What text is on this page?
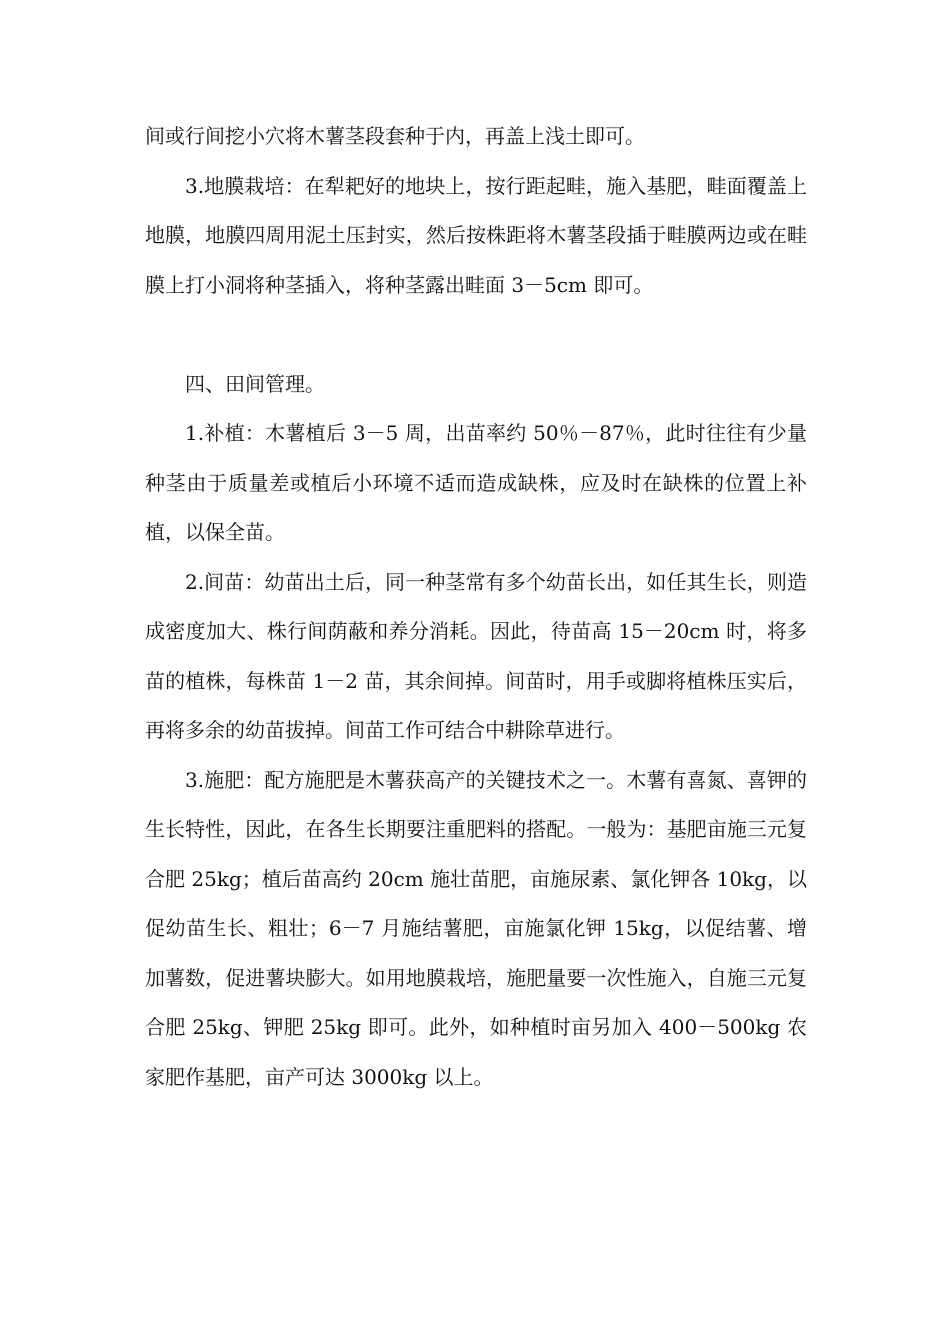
间或行间挖小穴将木薯茎段套种于内，再盖上浅土即可。

3.地膜栽培：在犁耙好的地块上，按行距起畦，施入基肥，畦面覆盖上地膜，地膜四周用泥土压封实，然后按株距将木薯茎段插于畦膜两边或在畦膜上打小洞将种茎插入，将种茎露出畦面 3－5cm 即可。

四、田间管理。

1.补植：木薯植后 3－5 周，出苗率约 50％－87％，此时往往有少量种茎由于质量差或植后小环境不适而造成缺株，应及时在缺株的位置上补植，以保全苗。

2.间苗：幼苗出土后，同一种茎常有多个幼苗长出，如任其生长，则造成密度加大、株行间荫蔽和养分消耗。因此，待苗高 15－20cm 时，将多苗的植株，每株苗 1－2 苗，其余间掉。间苗时，用手或脚将植株压实后，再将多余的幼苗拔掉。间苗工作可结合中耕除草进行。

3.施肥：配方施肥是木薯获高产的关键技术之一。木薯有喜氮、喜钾的生长特性，因此，在各生长期要注重肥料的搭配。一般为：基肥亩施三元复合肥 25kg；植后苗高约 20cm 施壮苗肥，亩施尿素、氯化钾各 10kg，以促幼苗生长、粗壮；6－7 月施结薯肥，亩施氯化钾 15kg，以促结薯、增加薯数，促进薯块膨大。如用地膜栽培，施肥量要一次性施入，自施三元复合肥 25kg、钾肥 25kg 即可。此外，如种植时亩另加入 400－500kg 农家肥作基肥，亩产可达 3000kg 以上。
